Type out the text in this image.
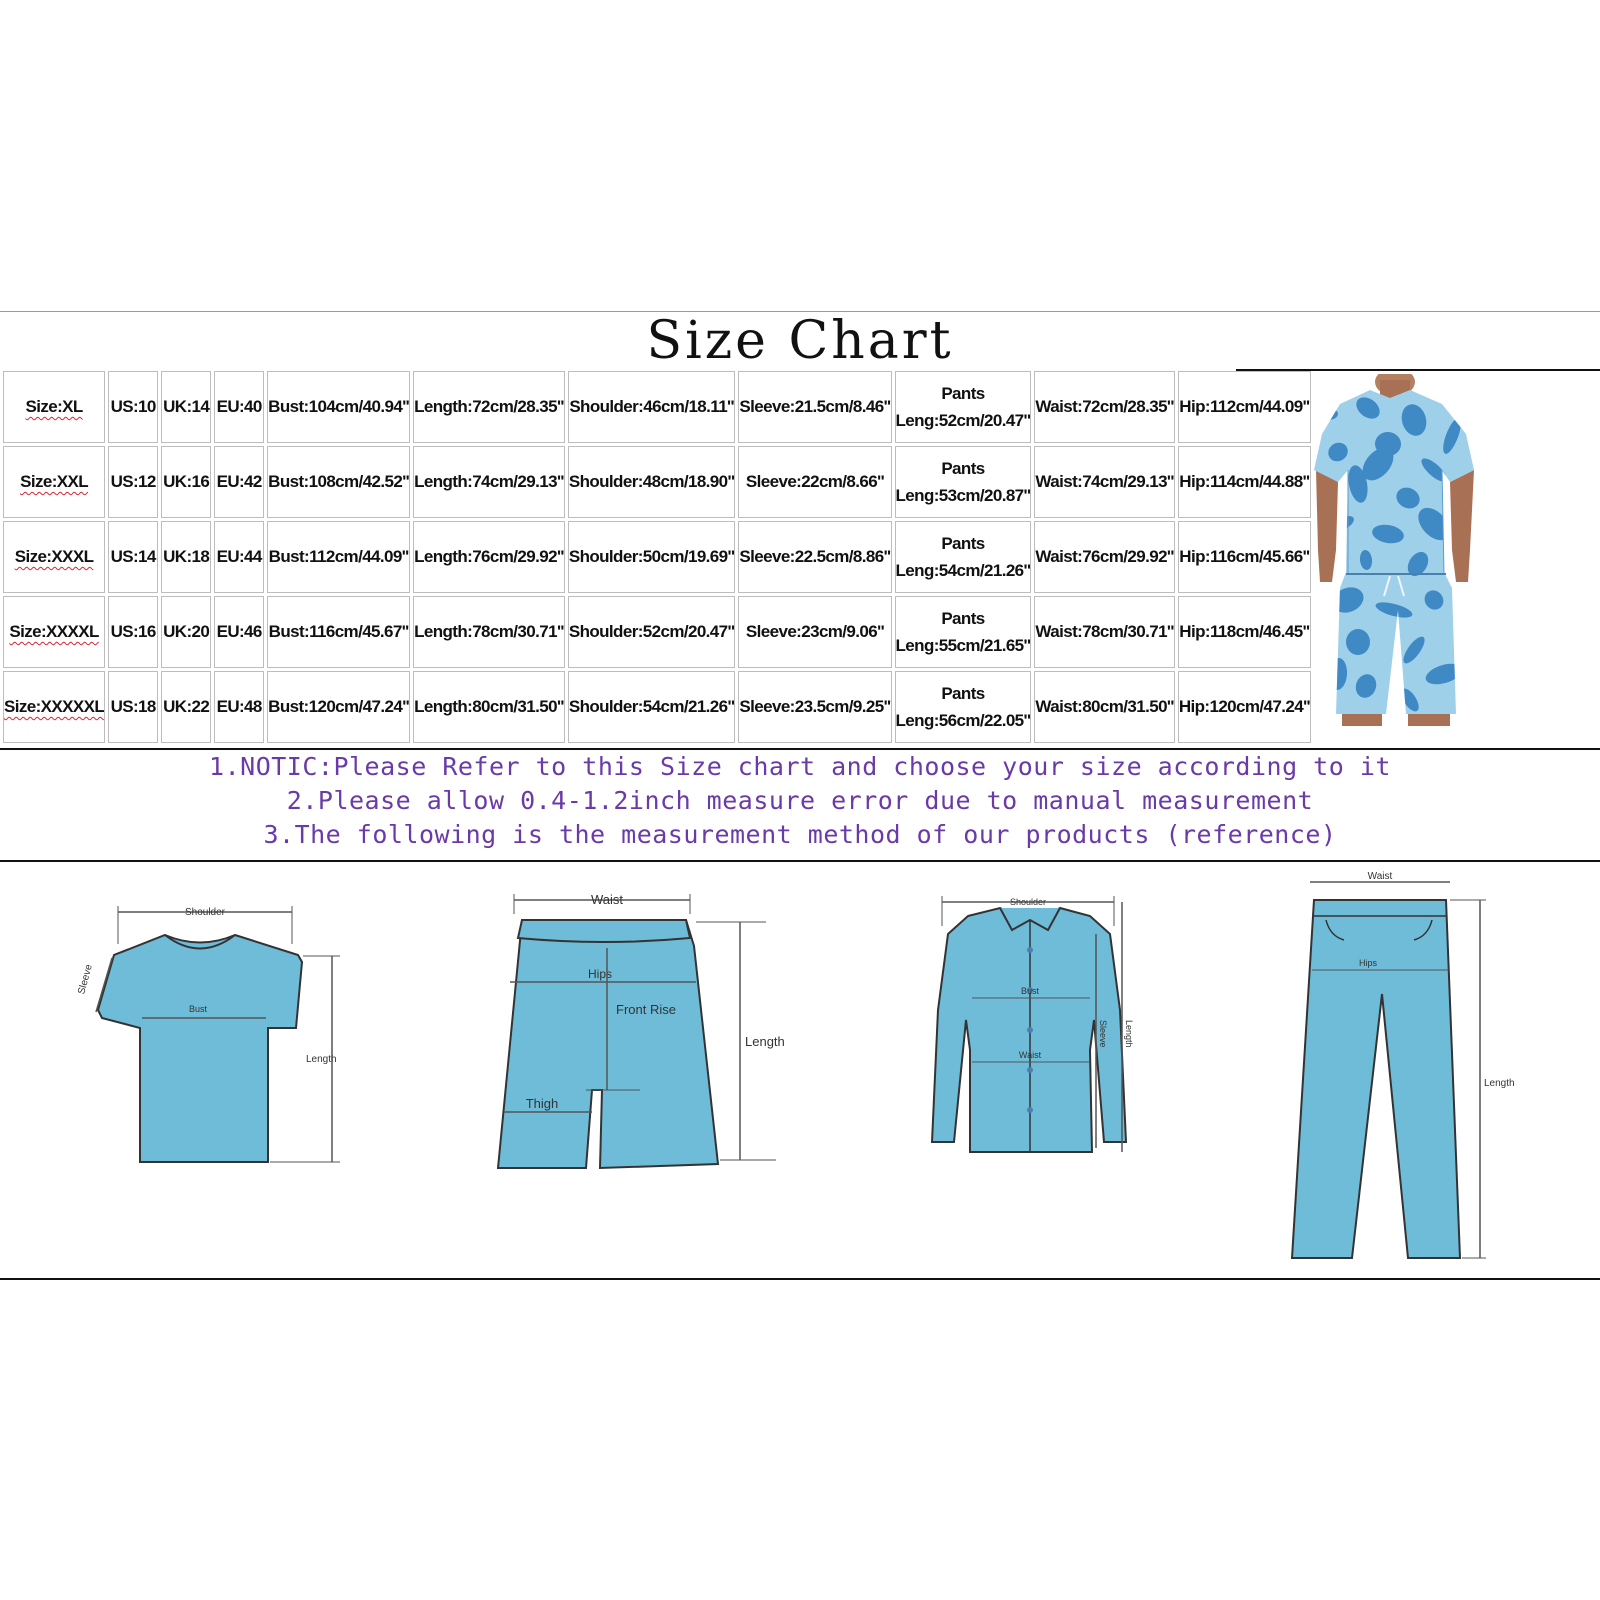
Size Chart
Size:XL	US:10	UK:14	EU:40	Bust:104cm/40.94''	Length:72cm/28.35''	Shoulder:46cm/18.11''	Sleeve:21.5cm/8.46''	Pants
Leng:52cm/20.47''	Waist:72cm/28.35''	Hip:112cm/44.09''
Size:XXL	US:12	UK:16	EU:42	Bust:108cm/42.52''	Length:74cm/29.13''	Shoulder:48cm/18.90''	Sleeve:22cm/8.66''	Pants
Leng:53cm/20.87''	Waist:74cm/29.13''	Hip:114cm/44.88''
Size:XXXL	US:14	UK:18	EU:44	Bust:112cm/44.09''	Length:76cm/29.92''	Shoulder:50cm/19.69''	Sleeve:22.5cm/8.86''	Pants
Leng:54cm/21.26''	Waist:76cm/29.92''	Hip:116cm/45.66''
Size:XXXXL	US:16	UK:20	EU:46	Bust:116cm/45.67''	Length:78cm/30.71''	Shoulder:52cm/20.47''	Sleeve:23cm/9.06''	Pants
Leng:55cm/21.65''	Waist:78cm/30.71''	Hip:118cm/46.45''
Size:XXXXXL	US:18	UK:22	EU:48	Bust:120cm/47.24''	Length:80cm/31.50''	Shoulder:54cm/21.26''	Sleeve:23.5cm/9.25''	Pants
Leng:56cm/22.05''	Waist:80cm/31.50''	Hip:120cm/47.24''

1.NOTIC:Please Refer to this Size chart and choose your size according to it

2.Please allow 0.4-1.2inch measure error due to manual measurement

3.The following is the measurement method of our products (reference)

Shoulder
Sleeve
Bust
Length
Waist
Hips
Front Rise
Thigh
Length
Shoulder
Bust
Waist
Sleeve Length
Waist
Hips
Length
